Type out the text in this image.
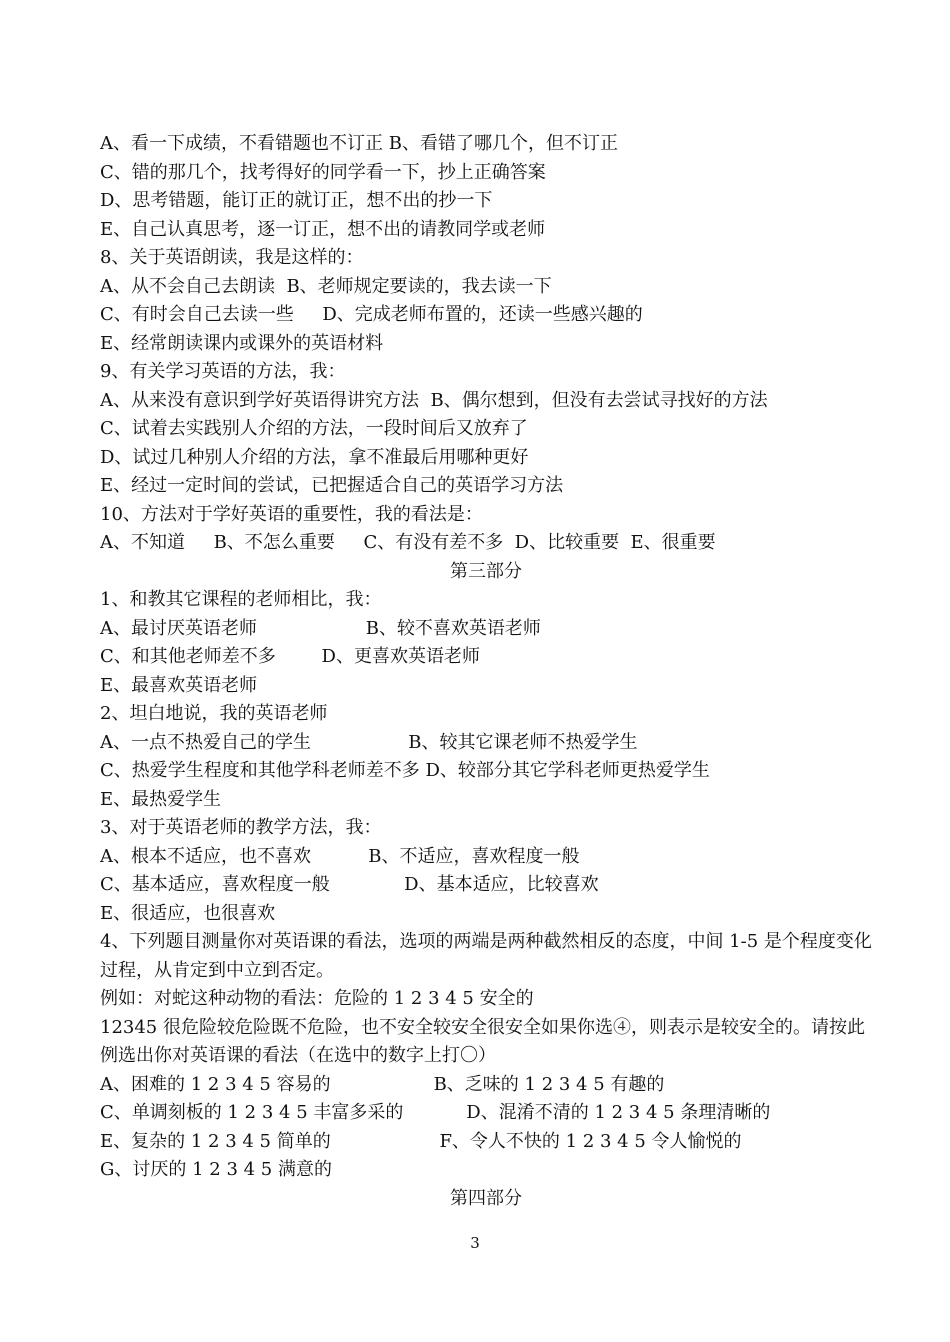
A、看一下成绩，不看错题也不订正 B、看错了哪几个，但不订正
C、错的那几个，找考得好的同学看一下，抄上正确答案
D、思考错题，能订正的就订正，想不出的抄一下
E、自己认真思考，逐一订正，想不出的请教同学或老师
8、关于英语朗读，我是这样的：
A、从不会自己去朗读  B、老师规定要读的，我去读一下
C、有时会自己去读一些     D、完成老师布置的，还读一些感兴趣的
E、经常朗读课内或课外的英语材料
9、有关学习英语的方法，我：
A、从来没有意识到学好英语得讲究方法  B、偶尔想到，但没有去尝试寻找好的方法
C、试着去实践别人介绍的方法，一段时间后又放弃了
D、试过几种别人介绍的方法，拿不准最后用哪种更好
E、经过一定时间的尝试，已把握适合自己的英语学习方法
10、方法对于学好英语的重要性，我的看法是：
A、不知道     B、不怎么重要     C、有没有差不多  D、比较重要  E、很重要
第三部分
1、和教其它课程的老师相比，我：
A、最讨厌英语老师                   B、较不喜欢英语老师
C、和其他老师差不多        D、更喜欢英语老师
E、最喜欢英语老师
2、坦白地说，我的英语老师
A、一点不热爱自己的学生                 B、较其它课老师不热爱学生
C、热爱学生程度和其他学科老师差不多 D、较部分其它学科老师更热爱学生
E、最热爱学生
3、对于英语老师的教学方法，我：
A、根本不适应，也不喜欢          B、不适应，喜欢程度一般
C、基本适应，喜欢程度一般             D、基本适应，比较喜欢
E、很适应，也很喜欢
4、下列题目测量你对英语课的看法，选项的两端是两种截然相反的态度，中间 1-5 是个程度变化过程，从肯定到中立到否定。
例如：对蛇这种动物的看法：危险的 1 2 3 4 5 安全的
12345 很危险较危险既不危险，也不安全较安全很安全如果你选④，则表示是较安全的。请按此例选出你对英语课的看法（在选中的数字上打〇）
A、困难的 1 2 3 4 5 容易的                  B、乏味的 1 2 3 4 5 有趣的
C、单调刻板的 1 2 3 4 5 丰富多采的           D、混淆不清的 1 2 3 4 5 条理清晰的
E、复杂的 1 2 3 4 5 简单的                   F、令人不快的 1 2 3 4 5 令人愉悦的
G、讨厌的 1 2 3 4 5 满意的
第四部分
3
